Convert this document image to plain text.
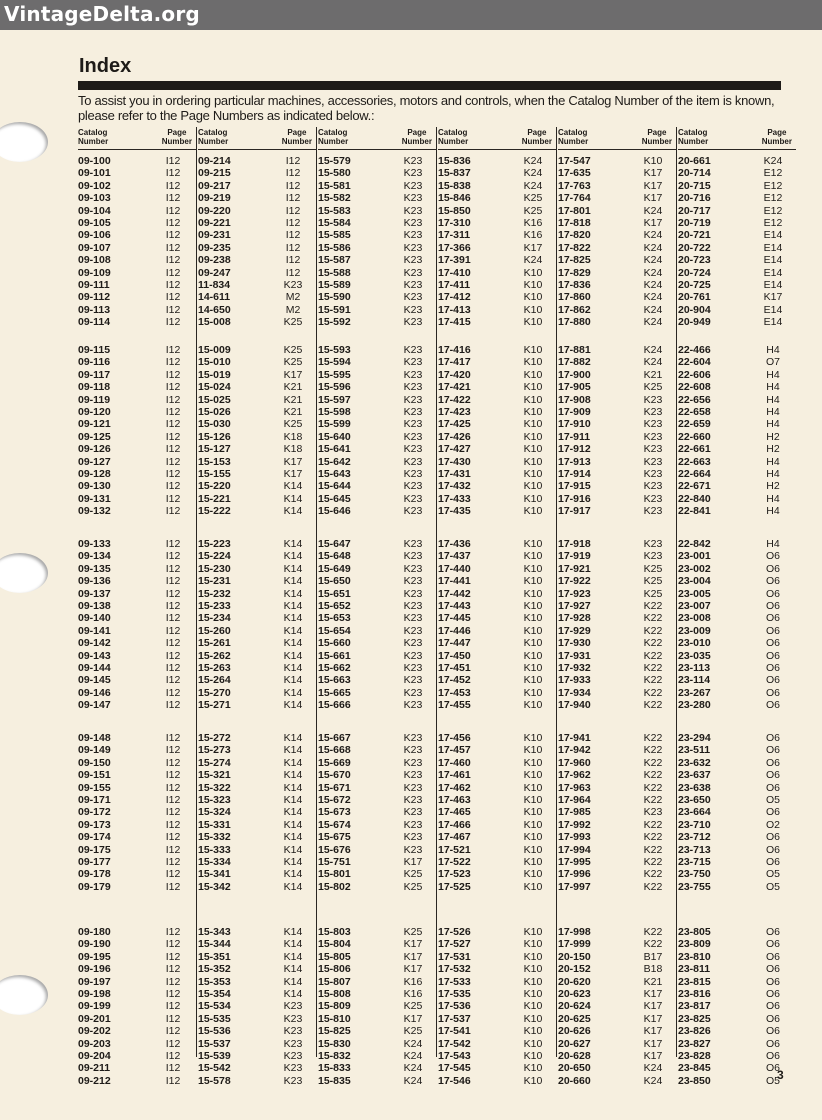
VintageDelta.org
Index
To assist you in ordering particular machines, accessories, motors and controls, when the Catalog Number of the item is known, please refer to the Page Numbers as indicated below.:
Catalog
Number
Page
Number
09-100	I12
09-101	I12
09-102	I12
09-103	I12
09-104	I12
09-105	I12
09-106	I12
09-107	I12
09-108	I12
09-109	I12
09-111	I12
09-112	I12
09-113	I12
09-114	I12
09-115	I12
09-116	I12
09-117	I12
09-118	I12
09-119	I12
09-120	I12
09-121	I12
09-125	I12
09-126	I12
09-127	I12
09-128	I12
09-130	I12
09-131	I12
09-132	I12
09-133	I12
09-134	I12
09-135	I12
09-136	I12
09-137	I12
09-138	I12
09-140	I12
09-141	I12
09-142	I12
09-143	I12
09-144	I12
09-145	I12
09-146	I12
09-147	I12
09-148	I12
09-149	I12
09-150	I12
09-151	I12
09-155	I12
09-171	I12
09-172	I12
09-173	I12
09-174	I12
09-175	I12
09-177	I12
09-178	I12
09-179	I12
09-180	I12
09-190	I12
09-195	I12
09-196	I12
09-197	I12
09-198	I12
09-199	I12
09-201	I12
09-202	I12
09-203	I12
09-204	I12
09-211	I12
09-212	I12
Catalog
Number
Page
Number
09-214	I12
09-215	I12
09-217	I12
09-219	I12
09-220	I12
09-221	I12
09-231	I12
09-235	I12
09-238	I12
09-247	I12
11-834	K23
14-611	M2
14-650	M2
15-008	K25
15-009	K25
15-010	K25
15-019	K17
15-024	K21
15-025	K21
15-026	K21
15-030	K25
15-126	K18
15-127	K18
15-153	K17
15-155	K17
15-220	K14
15-221	K14
15-222	K14
15-223	K14
15-224	K14
15-230	K14
15-231	K14
15-232	K14
15-233	K14
15-234	K14
15-260	K14
15-261	K14
15-262	K14
15-263	K14
15-264	K14
15-270	K14
15-271	K14
15-272	K14
15-273	K14
15-274	K14
15-321	K14
15-322	K14
15-323	K14
15-324	K14
15-331	K14
15-332	K14
15-333	K14
15-334	K14
15-341	K14
15-342	K14
15-343	K14
15-344	K14
15-351	K14
15-352	K14
15-353	K14
15-354	K14
15-534	K23
15-535	K23
15-536	K23
15-537	K23
15-539	K23
15-542	K23
15-578	K23
Catalog
Number
Page
Number
15-579	K23
15-580	K23
15-581	K23
15-582	K23
15-583	K23
15-584	K23
15-585	K23
15-586	K23
15-587	K23
15-588	K23
15-589	K23
15-590	K23
15-591	K23
15-592	K23
15-593	K23
15-594	K23
15-595	K23
15-596	K23
15-597	K23
15-598	K23
15-599	K23
15-640	K23
15-641	K23
15-642	K23
15-643	K23
15-644	K23
15-645	K23
15-646	K23
15-647	K23
15-648	K23
15-649	K23
15-650	K23
15-651	K23
15-652	K23
15-653	K23
15-654	K23
15-660	K23
15-661	K23
15-662	K23
15-663	K23
15-665	K23
15-666	K23
15-667	K23
15-668	K23
15-669	K23
15-670	K23
15-671	K23
15-672	K23
15-673	K23
15-674	K23
15-675	K23
15-676	K23
15-751	K17
15-801	K25
15-802	K25
15-803	K25
15-804	K17
15-805	K17
15-806	K17
15-807	K16
15-808	K16
15-809	K25
15-810	K17
15-825	K25
15-830	K24
15-832	K24
15-833	K24
15-835	K24
Catalog
Number
Page
Number
15-836	K24
15-837	K24
15-838	K24
15-846	K25
15-850	K25
17-310	K16
17-311	K16
17-366	K17
17-391	K24
17-410	K10
17-411	K10
17-412	K10
17-413	K10
17-415	K10
17-416	K10
17-417	K10
17-420	K10
17-421	K10
17-422	K10
17-423	K10
17-425	K10
17-426	K10
17-427	K10
17-430	K10
17-431	K10
17-432	K10
17-433	K10
17-435	K10
17-436	K10
17-437	K10
17-440	K10
17-441	K10
17-442	K10
17-443	K10
17-445	K10
17-446	K10
17-447	K10
17-450	K10
17-451	K10
17-452	K10
17-453	K10
17-455	K10
17-456	K10
17-457	K10
17-460	K10
17-461	K10
17-462	K10
17-463	K10
17-465	K10
17-466	K10
17-467	K10
17-521	K10
17-522	K10
17-523	K10
17-525	K10
17-526	K10
17-527	K10
17-531	K10
17-532	K10
17-533	K10
17-535	K10
17-536	K10
17-537	K10
17-541	K10
17-542	K10
17-543	K10
17-545	K10
17-546	K10
Catalog
Number
Page
Number
17-547	K10
17-635	K17
17-763	K17
17-764	K17
17-801	K24
17-818	K17
17-820	K24
17-822	K24
17-825	K24
17-829	K24
17-836	K24
17-860	K24
17-862	K24
17-880	K24
17-881	K24
17-882	K24
17-900	K21
17-905	K25
17-908	K23
17-909	K23
17-910	K23
17-911	K23
17-912	K23
17-913	K23
17-914	K23
17-915	K23
17-916	K23
17-917	K23
17-918	K23
17-919	K23
17-921	K25
17-922	K25
17-923	K25
17-927	K22
17-928	K22
17-929	K22
17-930	K22
17-931	K22
17-932	K22
17-933	K22
17-934	K22
17-940	K22
17-941	K22
17-942	K22
17-960	K22
17-962	K22
17-963	K22
17-964	K22
17-985	K23
17-992	K22
17-993	K22
17-994	K22
17-995	K22
17-996	K22
17-997	K22
17-998	K22
17-999	K22
20-150	B17
20-152	B18
20-620	K21
20-623	K17
20-624	K17
20-625	K17
20-626	K17
20-627	K17
20-628	K17
20-650	K24
20-660	K24
Catalog
Number
Page
Number
20-661	K24
20-714	E12
20-715	E12
20-716	E12
20-717	E12
20-719	E12
20-721	E14
20-722	E14
20-723	E14
20-724	E14
20-725	E14
20-761	K17
20-904	E14
20-949	E14
22-466	H4
22-604	O7
22-606	H4
22-608	H4
22-656	H4
22-658	H4
22-659	H4
22-660	H2
22-661	H2
22-663	H4
22-664	H4
22-671	H2
22-840	H4
22-841	H4
22-842	H4
23-001	O6
23-002	O6
23-004	O6
23-005	O6
23-007	O6
23-008	O6
23-009	O6
23-010	O6
23-035	O6
23-113	O6
23-114	O6
23-267	O6
23-280	O6
23-294	O6
23-511	O6
23-632	O6
23-637	O6
23-638	O6
23-650	O5
23-664	O6
23-710	O2
23-712	O6
23-713	O6
23-715	O6
23-750	O5
23-755	O5
23-805	O6
23-809	O6
23-810	O6
23-811	O6
23-815	O6
23-816	O6
23-817	O6
23-825	O6
23-826	O6
23-827	O6
23-828	O6
23-845	O6
23-850	O5
3
